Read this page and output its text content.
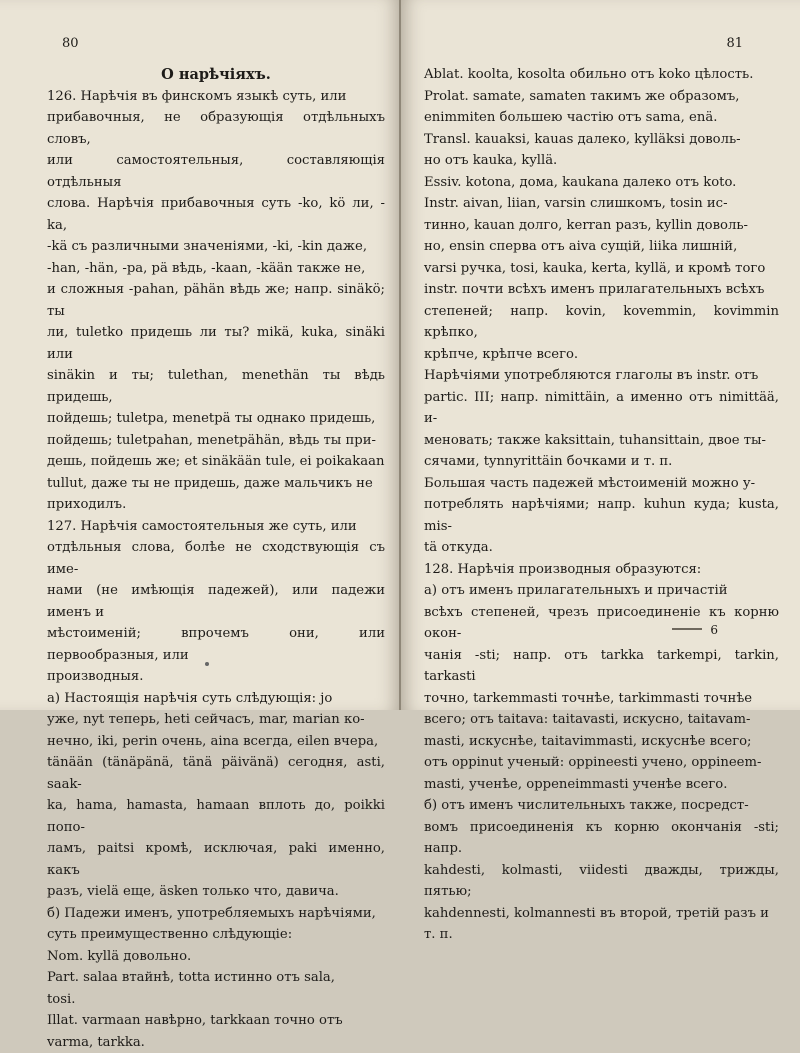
80

О нарѣчіяхъ.

126. Нарѣчія въ финскомъ языкѣ суть, или

прибавочныя, не образующія отдѣльныхъ словъ,

или самостоятельныя, составляющія отдѣльныя

слова. Нарѣчія прибавочныя суть -ko, kö ли, -ka,

-kä съ различными значеніями, -ki, -kin даже,

-han, -hän, -pa, pä вѣдь, -kaan, -kään также не,

и сложныя -pahan, pähän вѣдь же; напр. sinäkö; ты

ли, tuletko придешь ли ты? mikä, kuka, sinäki или

sinäkin и ты; tulethan, menethän ты вѣдь придешь,

пойдешь; tuletpa, menetpä ты однако придешь,

пойдешь; tuletpahan, menetpähän, вѣдь ты при-

дешь, пойдешь же; et sinäkään tule, ei poikakaan

tullut, даже ты не придешь, даже мальчикъ не

приходилъ.

127. Нарѣчія самостоятельныя же суть, или

отдѣльныя слова, болѣе не сходствующія съ име-

нами (не имѣющія падежей), или падежи именъ и

мѣстоименій; впрочемъ они, или первообразныя, или

производныя.

а) Настоящія нарѣчія суть слѣдующія: jo

уже, nyt теперь, heti сейчасъ, mar, marian ко-

нечно, iki, perin очень, aina всегда, eilen вчера,

tänään (tänäpänä, tänä päivänä) сегодня, asti, saak-

ka, hama, hamasta, hamaan вплоть до, poikki попо-

ламъ, paitsi кромѣ, исключая, paki именно, какъ

разъ, vielä еще, äsken только что, давича.

б) Падежи именъ, употребляемыхъ нарѣчіями,

суть преимущественно слѣдующіе:

Nom. kyllä довольно.

Part. salaa втайнѣ, totta истинно отъ sala,

tosi.

Illat. varmaan навѣрно, tarkkaan точно отъ

varma, tarkka.

81

Ablat. koolta, kosolta обильно отъ koko цѣлость.

Prolat. samate, samaten такимъ же образомъ,

enimmiten большею частію отъ sama, enä.

Transl. kauaksi, kauas далеко, kylläksi доволь-

но отъ kauka, kyllä.

Essiv. kotona, дома, kaukana далеко отъ koto.

Instr. aivan, liian, varsin слишкомъ, tosin ис-

тинно, kauan долго, kerran разъ, kyllin доволь-

но, ensin сперва отъ aiva сущій, liika лишній,

varsi ручка, tosi, kauka, kerta, kyllä, и кромѣ того

instr. почти всѣхъ именъ прилагательныхъ всѣхъ

степеней; напр. kovin, kovemmin, kovimmin крѣпко,

крѣпче, крѣпче всего.

Нарѣчіями употребляются глаголы въ instr. отъ

partic. III; напр. nimittäin, а именно отъ nimittää, и-

меновать; также kaksittain, tuhansittain, двое ты-

сячами, tynnyrittäin бочками и т. п.

Большая часть падежей мѣстоименій можно у-

потреблять нарѣчіями; напр. kuhun куда; kusta, mis-

tä откуда.

128. Нарѣчія производныя образуются:

а) отъ именъ прилагательныхъ и причастій

всѣхъ степеней, чрезъ присоединеніе къ корню окон-

чанія -sti; напр. отъ tarkka tarkempi, tarkin, tarkasti

точно, tarkemmasti точнѣе, tarkimmasti точнѣе

всего; отъ taitava: taitavasti, искусно, taitavam-

masti, искуснѣе, taitavimmasti, искуснѣе всего;

отъ oppinut ученый: oppineesti учено, oppineem-

masti, ученѣе, oppeneimmasti ученѣе всего.

б) отъ именъ числительныхъ также, посредст-

вомъ присоединенія къ корню окончанія -sti; напр.

kahdesti, kolmasti, viidesti дважды, трижды, пятью;

kahdennesti, kolmannesti въ второй, третій разъ и

т. п.

6
